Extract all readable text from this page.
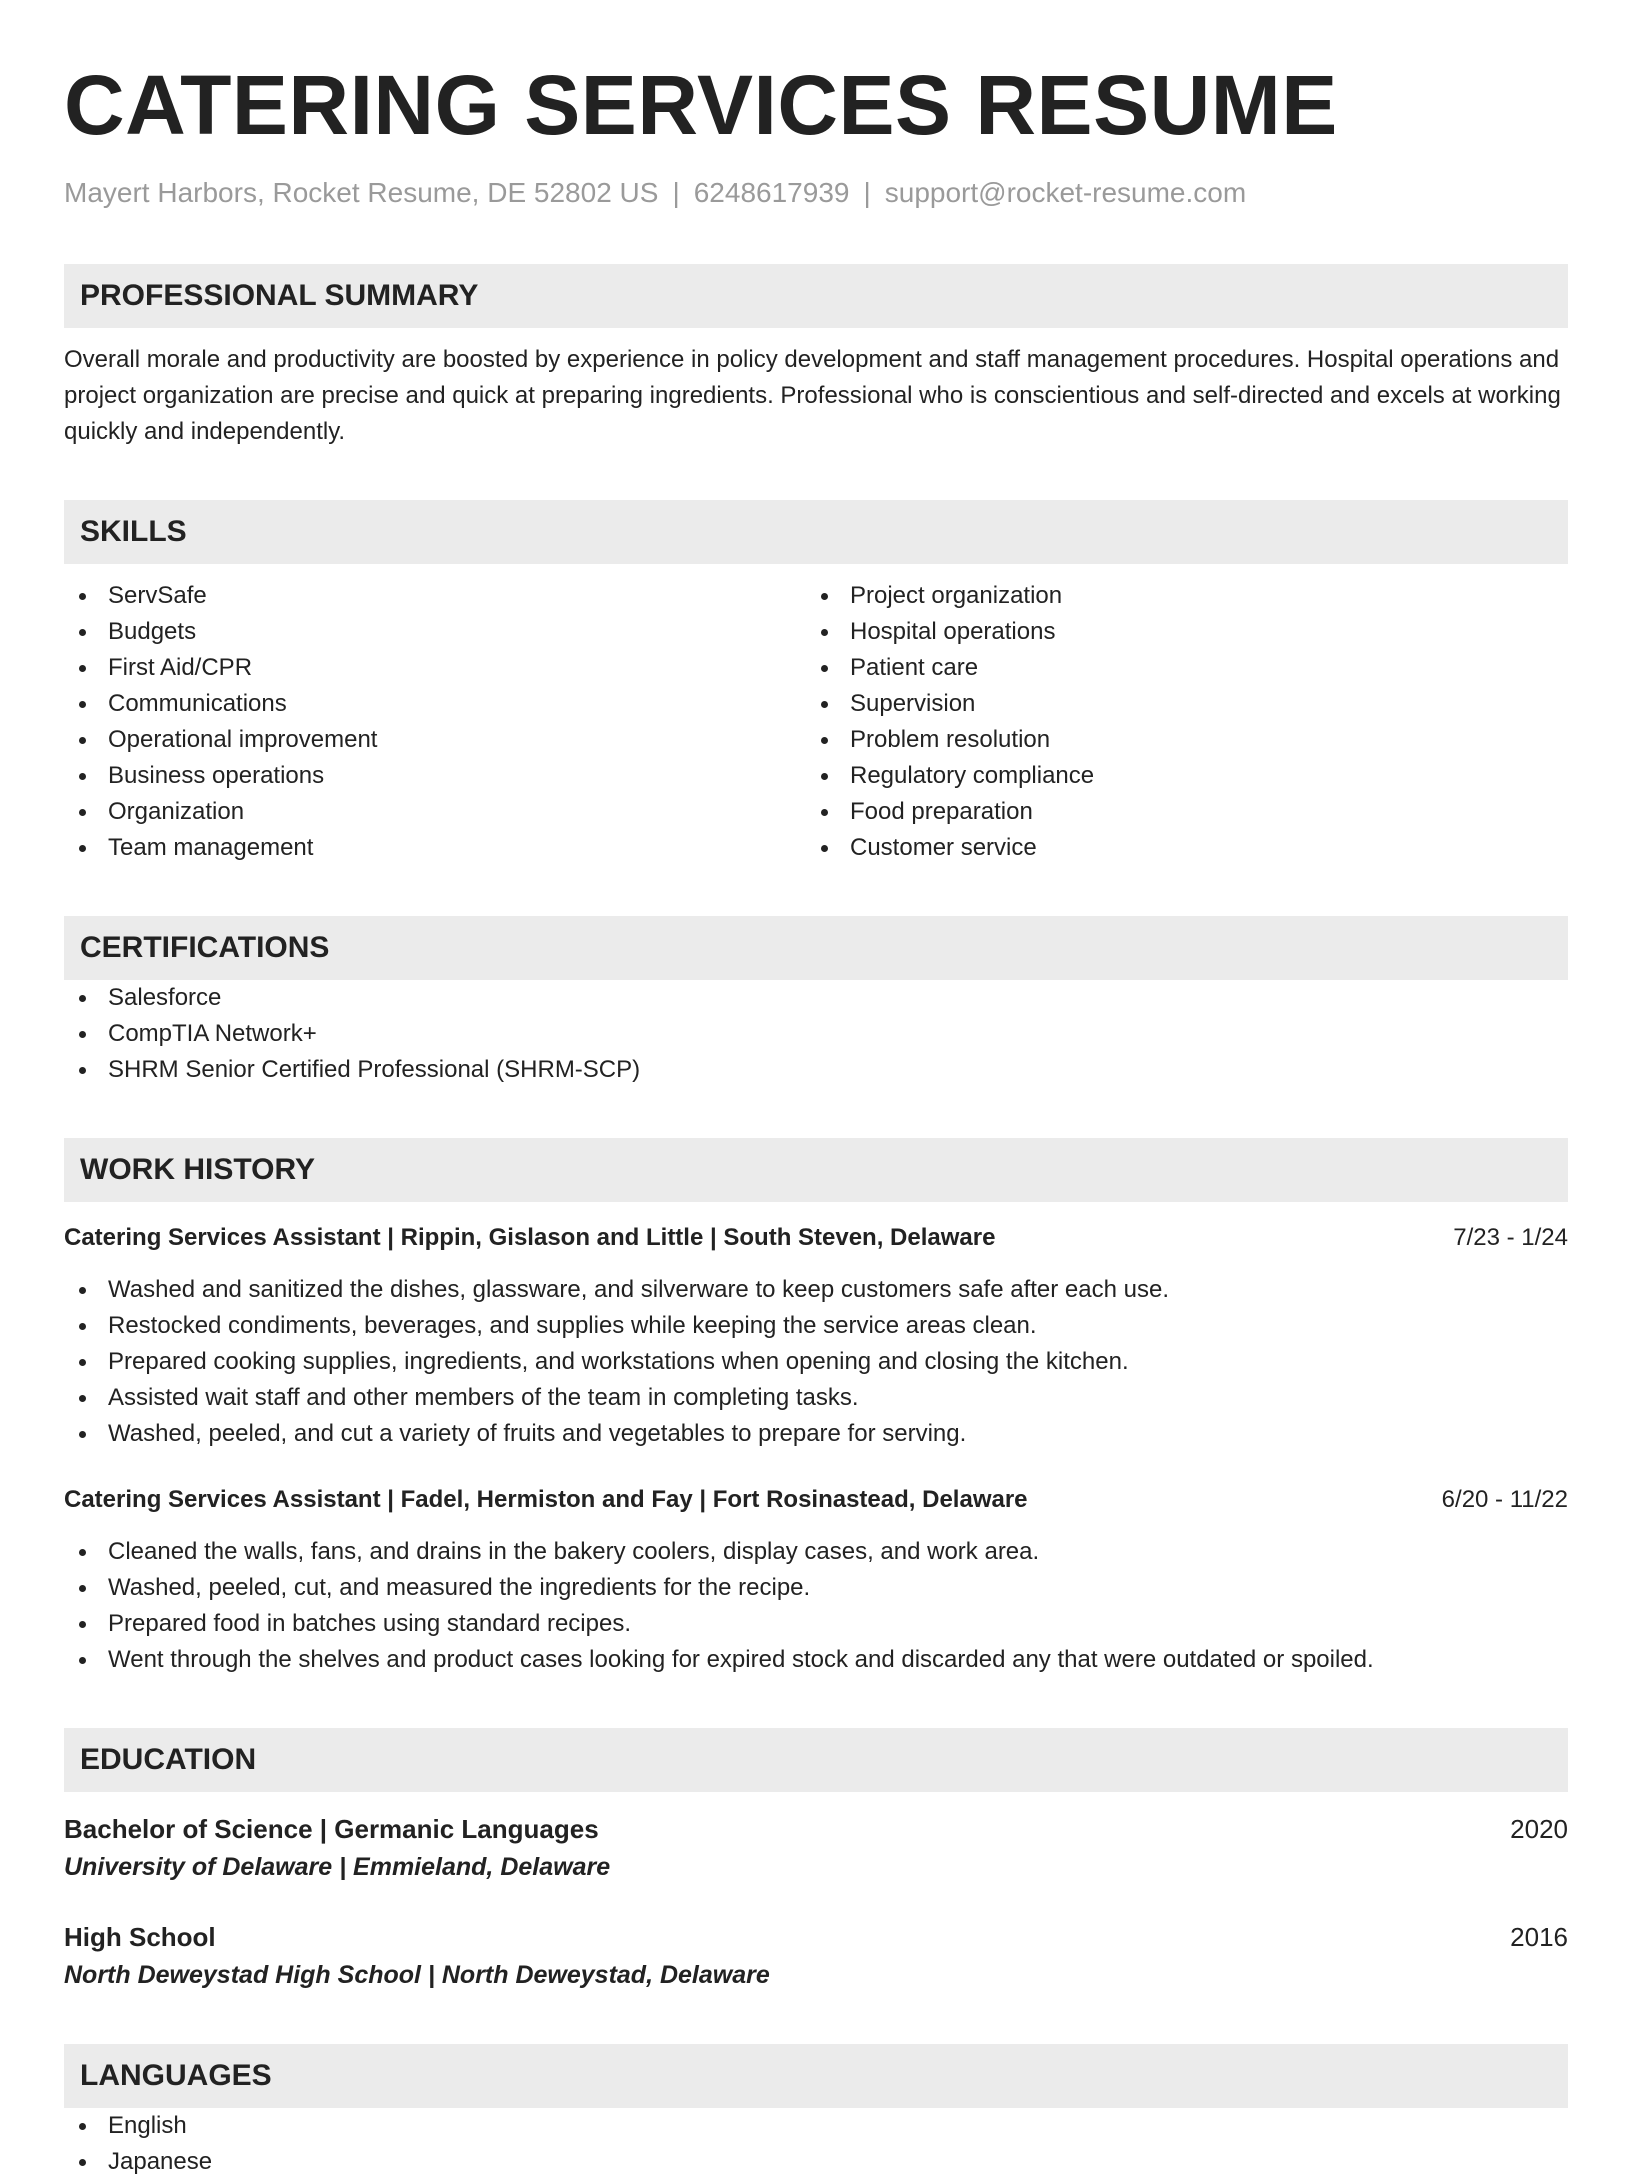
CATERING SERVICES RESUME
Mayert Harbors, Rocket Resume, DE 52802 US | 6248617939 | support@rocket-resume.com
PROFESSIONAL SUMMARY

Overall morale and productivity are boosted by experience in policy development and staff management procedures. Hospital operations and project organization are precise and quick at preparing ingredients. Professional who is conscientious and self-directed and excels at working quickly and independently.

SKILLS
ServSafe
Budgets
First Aid/CPR
Communications
Operational improvement
Business operations
Organization
Team management
Project organization
Hospital operations
Patient care
Supervision
Problem resolution
Regulatory compliance
Food preparation
Customer service
CERTIFICATIONS
Salesforce
CompTIA Network+
SHRM Senior Certified Professional (SHRM-SCP)
WORK HISTORY
Catering Services Assistant | Rippin, Gislason and Little | South Steven, Delaware	7/23 - 1/24
Washed and sanitized the dishes, glassware, and silverware to keep customers safe after each use.
Restocked condiments, beverages, and supplies while keeping the service areas clean.
Prepared cooking supplies, ingredients, and workstations when opening and closing the kitchen.
Assisted wait staff and other members of the team in completing tasks.
Washed, peeled, and cut a variety of fruits and vegetables to prepare for serving.
Catering Services Assistant | Fadel, Hermiston and Fay | Fort Rosinastead, Delaware	6/20 - 11/22
Cleaned the walls, fans, and drains in the bakery coolers, display cases, and work area.
Washed, peeled, cut, and measured the ingredients for the recipe.
Prepared food in batches using standard recipes.
Went through the shelves and product cases looking for expired stock and discarded any that were outdated or spoiled.
EDUCATION
Bachelor of Science | Germanic Languages	2020
University of Delaware | Emmieland, Delaware
High School	2016
North Deweystad High School | North Deweystad, Delaware
LANGUAGES
English
Japanese
